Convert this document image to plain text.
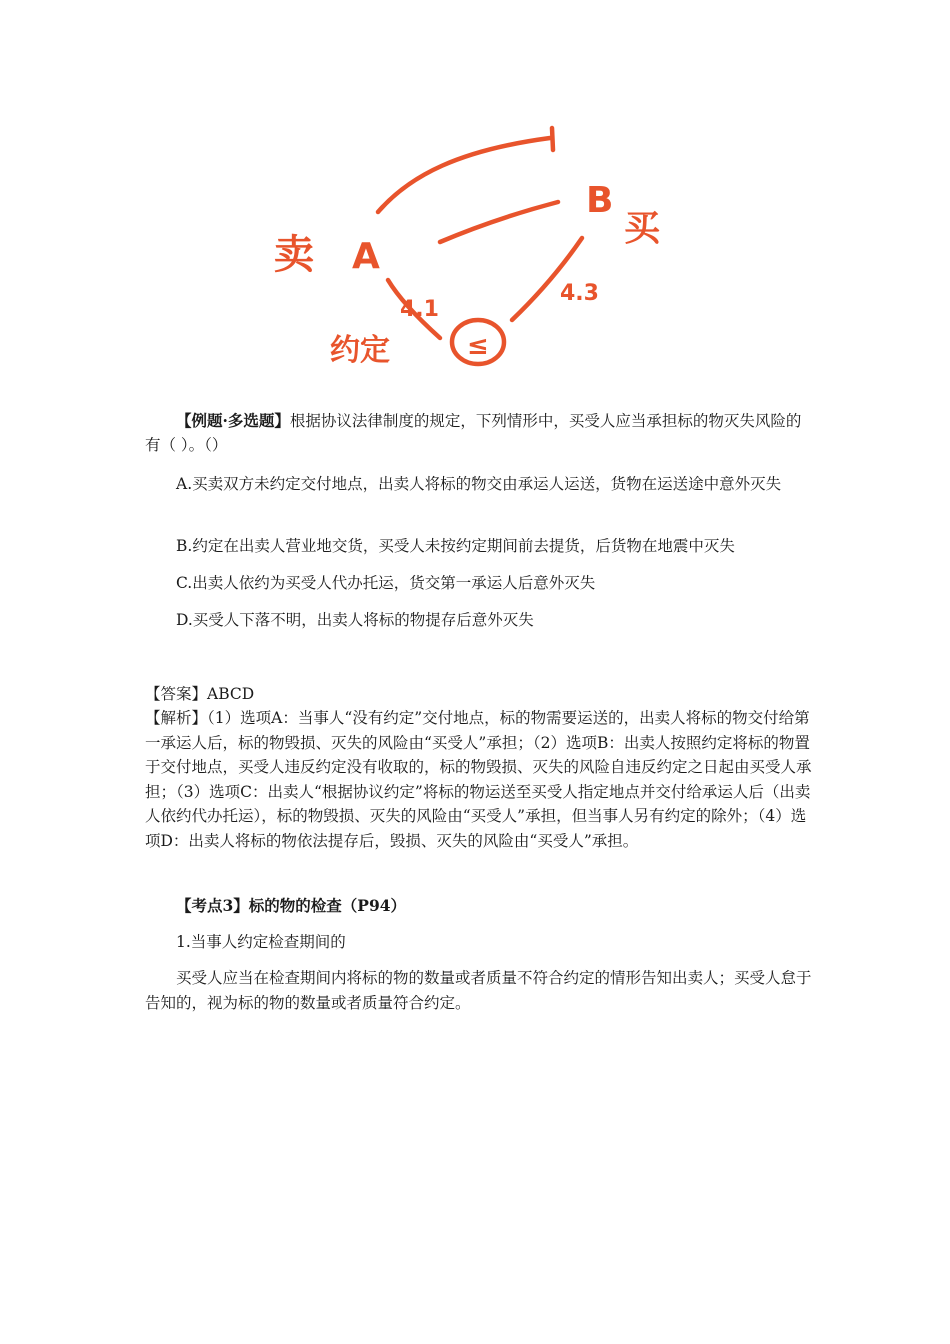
卖 A
B
买
4.1
4.3
约定	≤
【例题·多选题】根据协议法律制度的规定，下列情形中，买受人应当承担标的物灭失风险的有（ ）。（）
A.买卖双方未约定交付地点，出卖人将标的物交由承运人运送，货物在运送途中意外灭失
B.约定在出卖人营业地交货，买受人未按约定期间前去提货，后货物在地震中灭失
C.出卖人依约为买受人代办托运，货交第一承运人后意外灭失
D.买受人下落不明，出卖人将标的物提存后意外灭失
【答案】ABCD
【解析】（1）选项A：当事人“没有约定”交付地点，标的物需要运送的，出卖人将标的物交付给第一承运人后，标的物毁损、灭失的风险由“买受人”承担；（2）选项B：出卖人按照约定将标的物置于交付地点，买受人违反约定没有收取的，标的物毁损、灭失的风险自违反约定之日起由买受人承担；（3）选项C：出卖人“根据协议约定”将标的物运送至买受人指定地点并交付给承运人后（出卖人依约代办托运），标的物毁损、灭失的风险由“买受人”承担，但当事人另有约定的除外；（4）选项D：出卖人将标的物依法提存后，毁损、灭失的风险由“买受人”承担。
【考点3】标的物的检查（P94）
1.当事人约定检查期间的
买受人应当在检查期间内将标的物的数量或者质量不符合约定的情形告知出卖人；买受人怠于告知的，视为标的物的数量或者质量符合约定。
